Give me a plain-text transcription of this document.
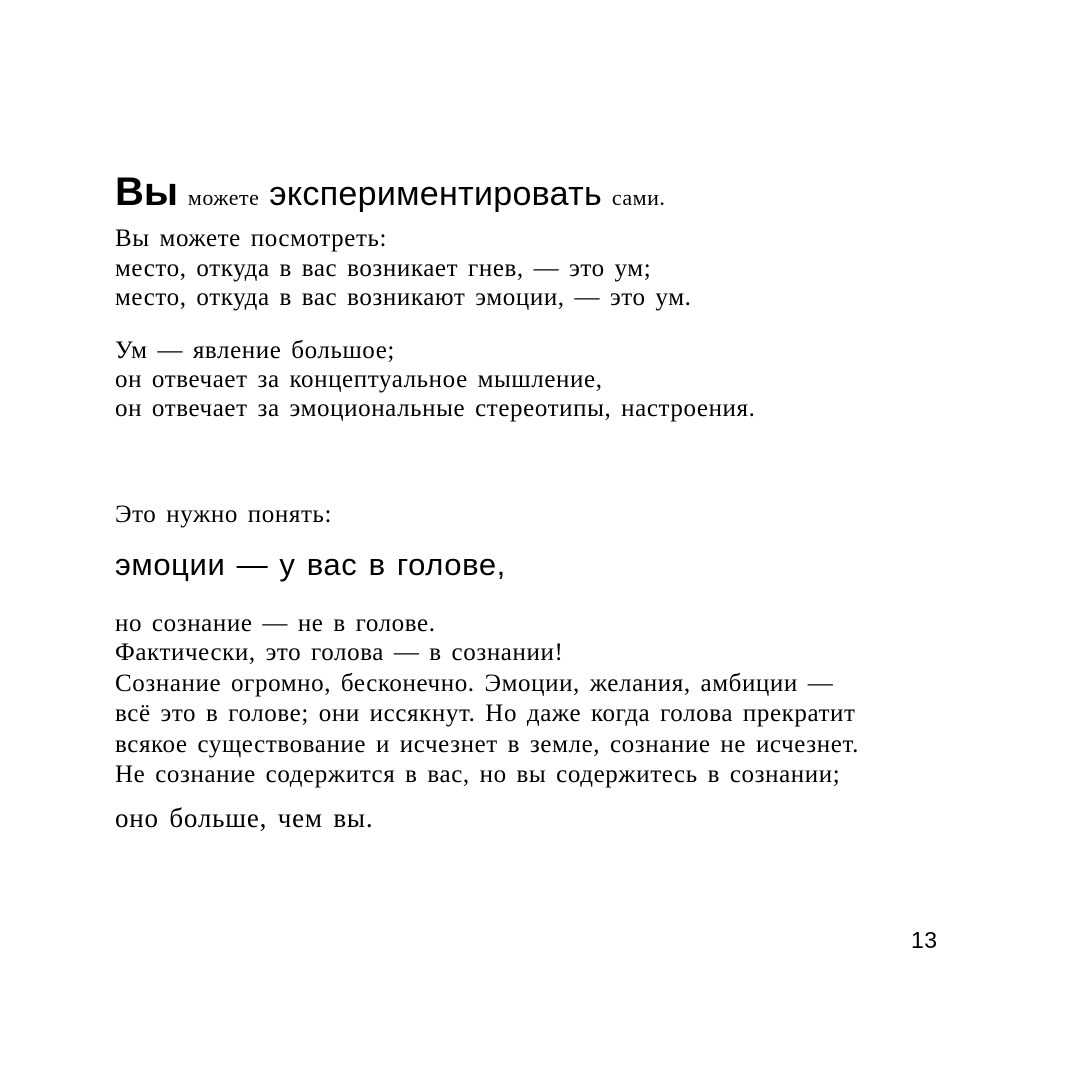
Вы можете экспериментировать сами.
Вы можете посмотреть:
место, откуда в вас возникает гнев, — это ум;
место, откуда в вас возникают эмоции, — это ум.
Ум — явление большое;
он отвечает за концептуальное мышление,
он отвечает за эмоциональные стереотипы, настроения.
Это нужно понять:
эмоции — у вас в голове,
но сознание — не в голове.
Фактически, это голова — в сознании!
Сознание огромно, бесконечно. Эмоции, желания, амбиции —
всё это в голове; они иссякнут. Но даже когда голова прекратит
всякое существование и исчезнет в земле, сознание не исчезнет.
Не сознание содержится в вас, но вы содержитесь в сознании;
оно больше, чем вы.
13
